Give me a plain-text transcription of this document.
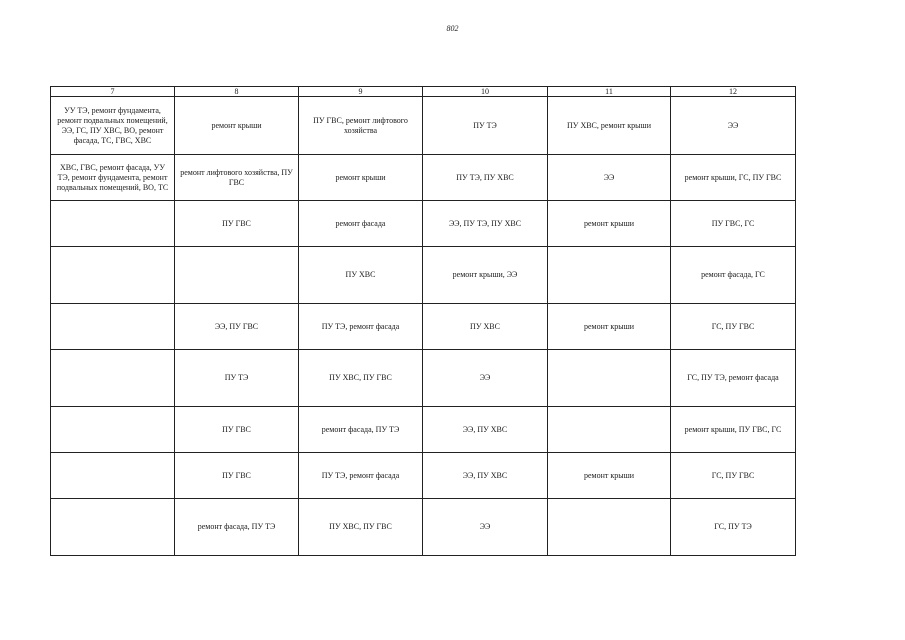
802
7	8	9	10	11	12
УУ ТЭ, ремонт фундамента, ремонт подвальных помещений, ЭЭ, ГС, ПУ ХВС, ВО, ремонт фасада, ТС, ГВС, ХВС	ремонт крыши	ПУ ГВС, ремонт лифтового хозяйства	ПУ ТЭ	ПУ ХВС, ремонт крыши	ЭЭ
ХВС, ГВС, ремонт фасада, УУ ТЭ, ремонт фундамента, ремонт подвальных помещений, ВО, ТС	ремонт лифтового хозяйства, ПУ ГВС	ремонт крыши	ПУ ТЭ, ПУ ХВС	ЭЭ	ремонт крыши, ГС, ПУ ГВС
	ПУ ГВС	ремонт фасада	ЭЭ, ПУ ТЭ, ПУ ХВС	ремонт крыши	ПУ ГВС, ГС
		ПУ ХВС	ремонт крыши, ЭЭ		ремонт фасада, ГС
	ЭЭ, ПУ ГВС	ПУ ТЭ, ремонт фасада	ПУ ХВС	ремонт крыши	ГС, ПУ ГВС
	ПУ ТЭ	ПУ ХВС, ПУ ГВС	ЭЭ		ГС, ПУ ТЭ, ремонт фасада
	ПУ ГВС	ремонт фасада, ПУ ТЭ	ЭЭ, ПУ ХВС		ремонт крыши, ПУ ГВС, ГС
	ПУ ГВС	ПУ ТЭ, ремонт фасада	ЭЭ, ПУ ХВС	ремонт крыши	ГС, ПУ ГВС
	ремонт фасада, ПУ ТЭ	ПУ ХВС, ПУ ГВС	ЭЭ		ГС, ПУ ТЭ
